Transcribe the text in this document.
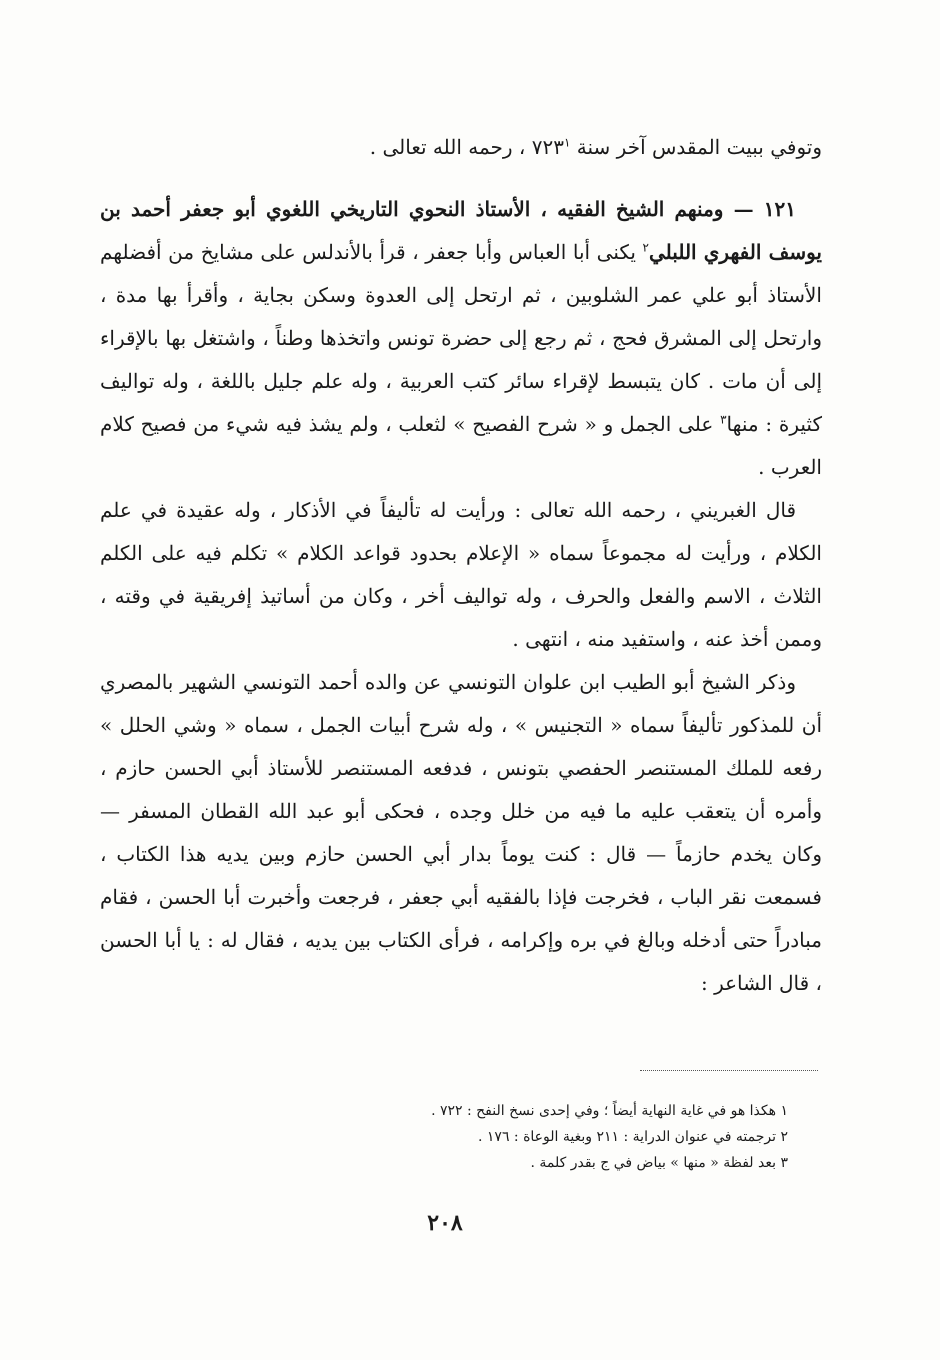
وتوفي ببيت المقدس آخر سنة $٧٢٣^١$ ، رحمه الله تعالى .

١٢١ — ومنهم الشيخ الفقيه ، الأستاذ النحوي التاريخي اللغوي أبو جعفر أحمد بن يوسف الفهري اللبلي$^٢$ يكنى أبا العباس وأبا جعفر ، قرأ بالأندلس على مشايخ من أفضلهم الأستاذ أبو علي عمر الشلوبين ، ثم ارتحل إلى العدوة وسكن بجاية ، وأقرأ بها مدة ، وارتحل إلى المشرق فحج ، ثم رجع إلى حضرة تونس واتخذها وطناً ، واشتغل بها بالإقراء إلى أن مات . كان يتبسط لإقراء سائر كتب العربية ، وله علم جليل باللغة ، وله تواليف كثيرة : منها$^٣$ على الجمل و « شرح الفصيح » لثعلب ، ولم يشذ فيه شيء من فصيح كلام العرب .

قال الغبريني ، رحمه الله تعالى : ورأيت له تأليفاً في الأذكار ، وله عقيدة في علم الكلام ، ورأيت له مجموعاً سماه « الإعلام بحدود قواعد الكلام » تكلم فيه على الكلم الثلاث ، الاسم والفعل والحرف ، وله تواليف أخر ، وكان من أساتيذ إفريقية في وقته ، وممن أخذ عنه ، واستفيد منه ، انتهى .

وذكر الشيخ أبو الطيب ابن علوان التونسي عن والده أحمد التونسي الشهير بالمصري أن للمذكور تأليفاً سماه « التجنيس » ، وله شرح أبيات الجمل ، سماه « وشي الحلل » رفعه للملك المستنصر الحفصي بتونس ، فدفعه المستنصر للأستاذ أبي الحسن حازم ، وأمره أن يتعقب عليه ما فيه من خلل وجده ، فحكى أبو عبد الله القطان المسفر — وكان يخدم حازماً — قال : كنت يوماً بدار أبي الحسن حازم وبين يديه هذا الكتاب ، فسمعت نقر الباب ، فخرجت فإذا بالفقيه أبي جعفر ، فرجعت وأخبرت أبا الحسن ، فقام مبادراً حتى أدخله وبالغ في بره وإكرامه ، فرأى الكتاب بين يديه ، فقال له : يا أبا الحسن ، قال الشاعر :

١ هكذا هو في غاية النهاية أيضاً ؛ وفي إحدى نسخ النفح : ٧٢٢ .

٢ ترجمته في عنوان الدراية : ٢١١ وبغية الوعاة : ١٧٦ .

٣ بعد لفظة « منها » بياض في ج بقدر كلمة .

٢٠٨
